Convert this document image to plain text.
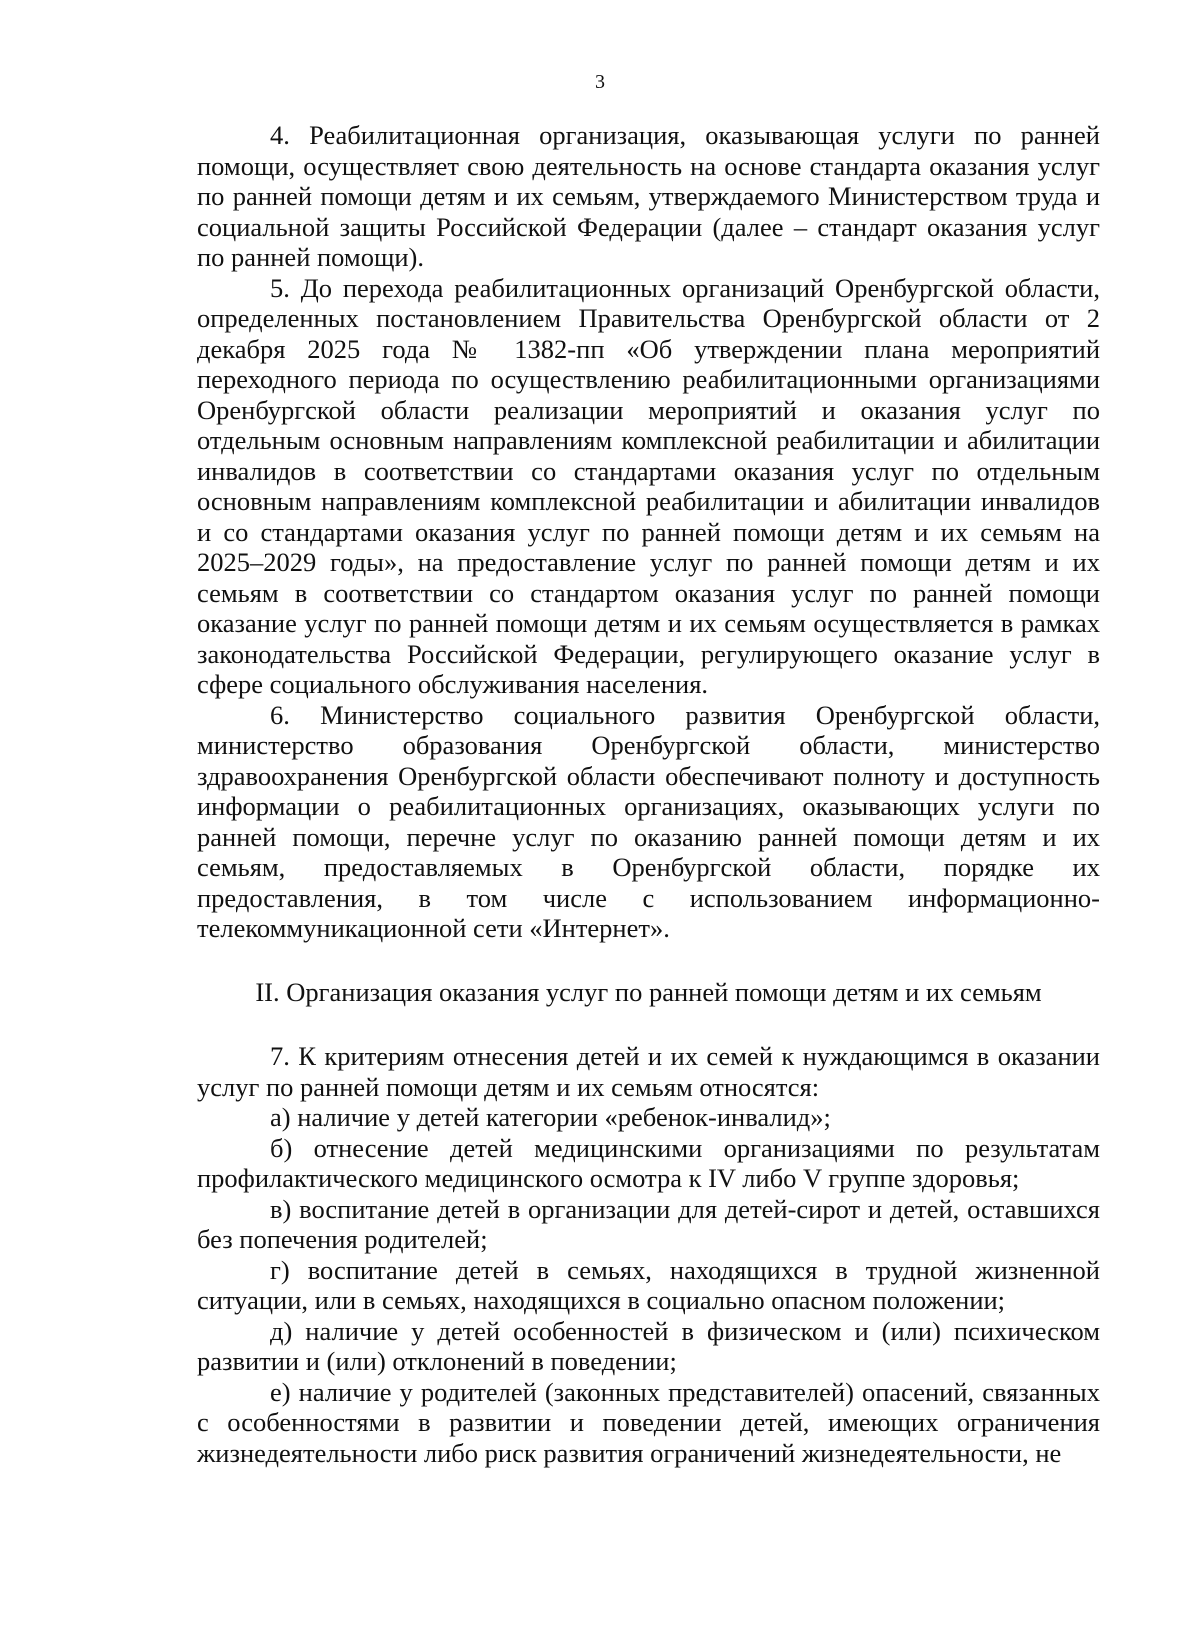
3

4. Реабилитационная организация, оказывающая услуги по ранней помощи, осуществляет свою деятельность на основе стандарта оказания услуг по ранней помощи детям и их семьям, утверждаемого Министерством труда и социальной защиты Российской Федерации (далее – стандарт оказания услуг по ранней помощи).

5. До перехода реабилитационных организаций Оренбургской области, определенных постановлением Правительства Оренбургской области от 2 декабря 2025 года № 1382-пп «Об утверждении плана мероприятий переходного периода по осуществлению реабилитационными организациями Оренбургской области реализации мероприятий и оказания услуг по отдельным основным направлениям комплексной реабилитации и абилитации инвалидов в соответствии со стандартами оказания услуг по отдельным основным направлениям комплексной реабилитации и абилитации инвалидов и со стандартами оказания услуг по ранней помощи детям и их семьям на 2025–2029 годы», на предоставление услуг по ранней помощи детям и их семьям в соответствии со стандартом оказания услуг по ранней помощи оказание услуг по ранней помощи детям и их семьям осуществляется в рамках законодательства Российской Федерации, регулирующего оказание услуг в сфере социального обслуживания населения.

6. Министерство социального развития Оренбургской области, министерство образования Оренбургской области, министерство здравоохранения Оренбургской области обеспечивают полноту и доступность информации о реабилитационных организациях, оказывающих услуги по ранней помощи, перечне услуг по оказанию ранней помощи детям и их семьям, предоставляемых в Оренбургской области, порядке их предоставления, в том числе с использованием информационно-телекоммуникационной сети «Интернет».

II. Организация оказания услуг по ранней помощи детям и их семьям

7. К критериям отнесения детей и их семей к нуждающимся в оказании услуг по ранней помощи детям и их семьям относятся:

а) наличие у детей категории «ребенок-инвалид»;

б) отнесение детей медицинскими организациями по результатам профилактического медицинского осмотра к IV либо V группе здоровья;

в) воспитание детей в организации для детей-сирот и детей, оставшихся без попечения родителей;

г) воспитание детей в семьях, находящихся в трудной жизненной ситуации, или в семьях, находящихся в социально опасном положении;

д) наличие у детей особенностей в физическом и (или) психическом развитии и (или) отклонений в поведении;

е) наличие у родителей (законных представителей) опасений, связанных с особенностями в развитии и поведении детей, имеющих ограничения жизнедеятельности либо риск развития ограничений жизнедеятельности, не
